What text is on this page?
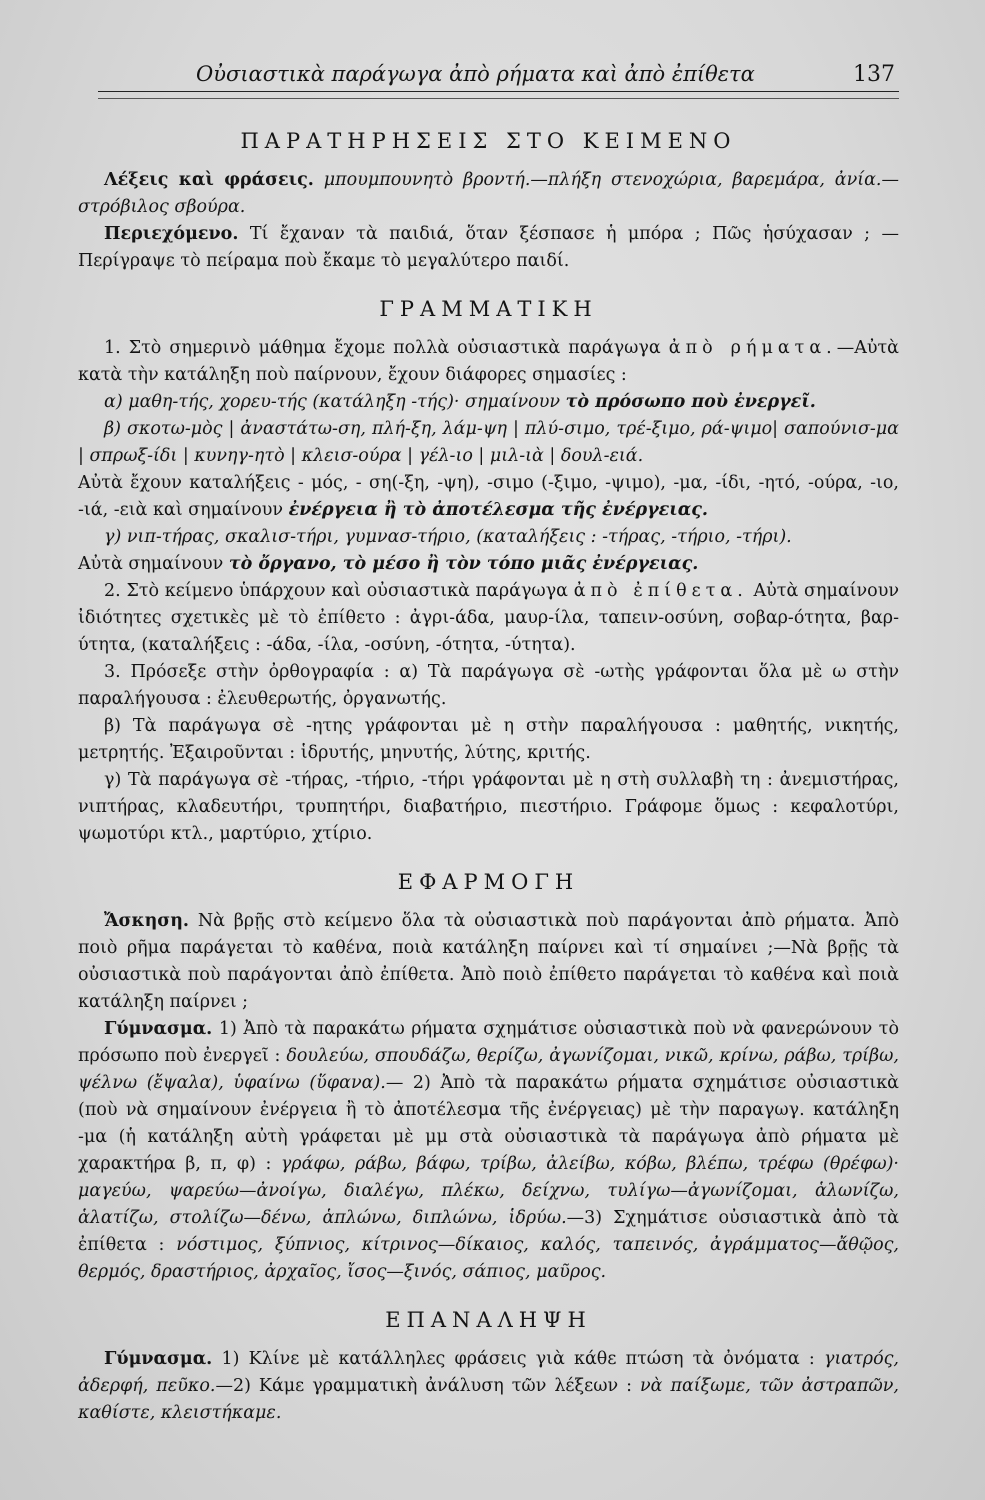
Οὐσιαστικὰ παράγωγα ἀπὸ ρήματα καὶ ἀπὸ ἐπίθετα	137
ΠΑΡΑΤΗΡΗΣΕΙΣ ΣΤΟ ΚΕΙΜΕΝΟ

Λέξεις καὶ φράσεις. μπουμπουνητὸ βροντή.—πλήξη στενοχώρια, βαρεμάρα, ἀνία.—στρόβιλος σβούρα.

Περιεχόμενο. Τί ἔχαναν τὰ παιδιά, ὅταν ξέσπασε ἡ μπόρα ; Πῶς ἡσύχασαν ; — Περίγραψε τὸ πείραμα ποὺ ἔκαμε τὸ μεγαλύτερο παιδί.

ΓΡΑΜΜΑΤΙΚΗ

1. Στὸ σημερινὸ μάθημα ἔχομε πολλὰ οὐσιαστικὰ παράγωγα ἀπὸ ρήματα.—Αὐτὰ κατὰ τὴν κατάληξη ποὺ παίρνουν, ἔχουν διάφορες σημασίες :

α) μαθη-τής, χορευ-τής (κατάληξη -τής)· σημαίνουν τὸ πρόσωπο ποὺ ἐνεργεῖ.

β) σκοτω-μὸς | ἀναστάτω-ση, πλή-ξη, λάμ-ψη | πλύ-σιμο, τρέ-ξιμο, ρά-ψιμο| σαπούνισ-μα | σπρωξ-ίδι | κυνηγ-ητὸ | κλεισ-ούρα | γέλ-ιο | μιλ-ιὰ | δουλ-ειά.

Αὐτὰ ἔχουν καταλήξεις - μός, - ση(-ξη, -ψη), -σιμο (-ξιμο, -ψιμο), -μα, -ίδι, -ητό, -ούρα, -ιο, -ιά, -ειὰ καὶ σημαίνουν ἐνέργεια ἢ τὸ ἀποτέλεσμα τῆς ἐνέργειας.

γ) νιπ-τήρας, σκαλισ-τήρι, γυμνασ-τήριο, (καταλήξεις : -τήρας, -τήριο, -τήρι).

Αὐτὰ σημαίνουν τὸ ὄργανο, τὸ μέσο ἢ τὸν τόπο μιᾶς ἐνέργειας.

2. Στὸ κείμενο ὑπάρχουν καὶ οὐσιαστικὰ παράγωγα ἀπὸ ἐπίθετα. Αὐτὰ σημαίνουν ἰδιότητες σχετικὲς μὲ τὸ ἐπίθετο : ἀγρι-άδα, μαυρ-ίλα, ταπειν-οσύνη, σοβαρ-ότητα, βαρ-ύτητα, (καταλήξεις : -άδα, -ίλα, -οσύνη, -ότητα, -ύτητα).

3. Πρόσεξε στὴν ὀρθογραφία : α) Τὰ παράγωγα σὲ -ωτὴς γράφονται ὅλα μὲ ω στὴν παραλήγουσα : ἐλευθερωτής, ὀργανωτής.

β) Τὰ παράγωγα σὲ -ητης γράφονται μὲ η στὴν παραλήγουσα : μαθητής, νικητής, μετρητής. Ἐξαιροῦνται : ἱδρυτής, μηνυτής, λύτης, κριτής.

γ) Τὰ παράγωγα σὲ -τήρας, -τήριο, -τήρι γράφονται μὲ η στὴ συλλαβὴ τη : ἀνεμιστήρας, νιπτήρας, κλαδευτήρι, τρυπητήρι, διαβατήριο, πιεστήριο. Γράφομε ὅμως : κεφαλοτύρι, ψωμοτύρι κτλ., μαρτύριο, χτίριο.

ΕΦΑΡΜΟΓΗ

Ἄσκηση. Νὰ βρῇς στὸ κείμενο ὅλα τὰ οὐσιαστικὰ ποὺ παράγονται ἀπὸ ρήματα. Ἀπὸ ποιὸ ρῆμα παράγεται τὸ καθένα, ποιὰ κατάληξη παίρνει καὶ τί σημαίνει ;—Νὰ βρῇς τὰ οὐσιαστικὰ ποὺ παράγονται ἀπὸ ἐπίθετα. Ἀπὸ ποιὸ ἐπίθετο παράγεται τὸ καθένα καὶ ποιὰ κατάληξη παίρνει ;

Γύμνασμα. 1) Ἀπὸ τὰ παρακάτω ρήματα σχημάτισε οὐσιαστικὰ ποὺ νὰ φανερώνουν τὸ πρόσωπο ποὺ ἐνεργεῖ : δουλεύω, σπουδάζω, θερίζω, ἀγωνίζομαι, νικῶ, κρίνω, ράβω, τρίβω, ψέλνω (ἔψαλα), ὑφαίνω (ὕφανα).— 2) Ἀπὸ τὰ παρακάτω ρήματα σχημάτισε οὐσιαστικὰ (ποὺ νὰ σημαίνουν ἐνέργεια ἢ τὸ ἀποτέλεσμα τῆς ἐνέργειας) μὲ τὴν παραγωγ. κατάληξη -μα (ἡ κατάληξη αὐτὴ γράφεται μὲ μμ στὰ οὐσιαστικὰ τὰ παράγωγα ἀπὸ ρήματα μὲ χαρακτήρα β, π, φ) : γράφω, ράβω, βάφω, τρίβω, ἀλείβω, κόβω, βλέπω, τρέφω (θρέφω)· μαγεύω, ψαρεύω—ἀνοίγω, διαλέγω, πλέκω, δείχνω, τυλίγω—ἀγωνίζομαι, ἁλωνίζω, ἁλατίζω, στολίζω—δένω, ἁπλώνω, διπλώνω, ἱδρύω.—3) Σχημάτισε οὐσιαστικὰ ἀπὸ τὰ ἐπίθετα : νόστιμος, ξύπνιος, κίτρινος—δίκαιος, καλός, ταπεινός, ἀγράμματος—ἄθῷος, θερμός, δραστήριος, ἀρχαῖος, ἴσος—ξινός, σάπιος, μαῦρος.

ΕΠΑΝΑΛΗΨΗ

Γύμνασμα. 1) Κλίνε μὲ κατάλληλες φράσεις γιὰ κάθε πτώση τὰ ὀνόματα : γιατρός, ἀδερφή, πεῦκο.—2) Κάμε γραμματικὴ ἀνάλυση τῶν λέξεων : νὰ παίξωμε, τῶν ἀστραπῶν, καθίστε, κλειστήκαμε.
